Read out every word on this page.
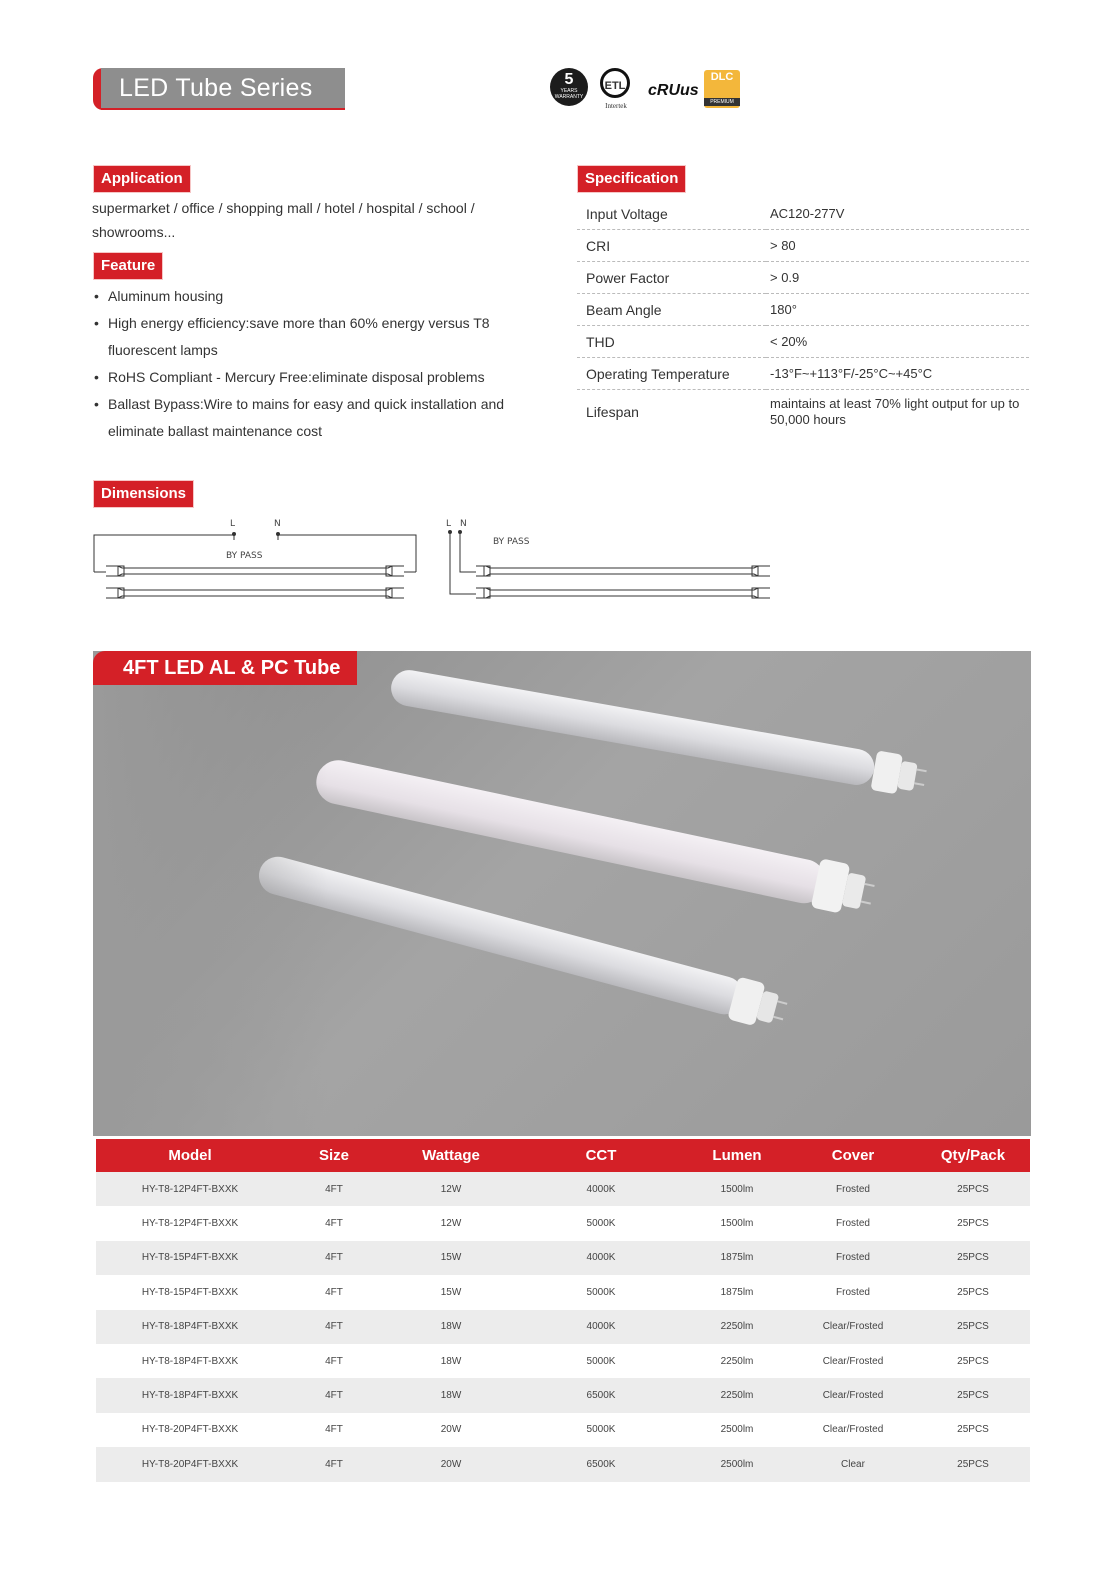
LED Tube Series	5
YEARS WARRANTY
ETL
Intertek
cRUus
DLC
PREMIUM
Application
supermarket / office / shopping mall / hotel / hospital / school / showrooms...
Feature
• Aluminum housing
• High energy efficiency:save more than 60% energy versus T8 fluorescent lamps
• RoHS Compliant - Mercury Free:eliminate disposal problems
• Ballast Bypass:Wire to mains for easy and quick installation and eliminate ballast maintenance cost
Specification
Input Voltage	AC120-277V
CRI	> 80
Power Factor	> 0.9
Beam Angle	180°
THD	< 20%
Operating Temperature	-13°F~+113°F/-25°C~+45°C
Lifespan	maintains at least 70% light output for up to 50,000 hours
Dimensions
L	N
BY PASS
L N
BY PASS
4FT LED AL & PC Tube
Model	Size	Wattage	CCT	Lumen	Cover	Qty/Pack
HY-T8-12P4FT-BXXK	4FT	12W	4000K	1500lm	Frosted	25PCS
HY-T8-12P4FT-BXXK	4FT	12W	5000K	1500lm	Frosted	25PCS
HY-T8-15P4FT-BXXK	4FT	15W	4000K	1875lm	Frosted	25PCS
HY-T8-15P4FT-BXXK	4FT	15W	5000K	1875lm	Frosted	25PCS
HY-T8-18P4FT-BXXK	4FT	18W	4000K	2250lm	Clear/Frosted	25PCS
HY-T8-18P4FT-BXXK	4FT	18W	5000K	2250lm	Clear/Frosted	25PCS
HY-T8-18P4FT-BXXK	4FT	18W	6500K	2250lm	Clear/Frosted	25PCS
HY-T8-20P4FT-BXXK	4FT	20W	5000K	2500lm	Clear/Frosted	25PCS
HY-T8-20P4FT-BXXK	4FT	20W	6500K	2500lm	Clear	25PCS
